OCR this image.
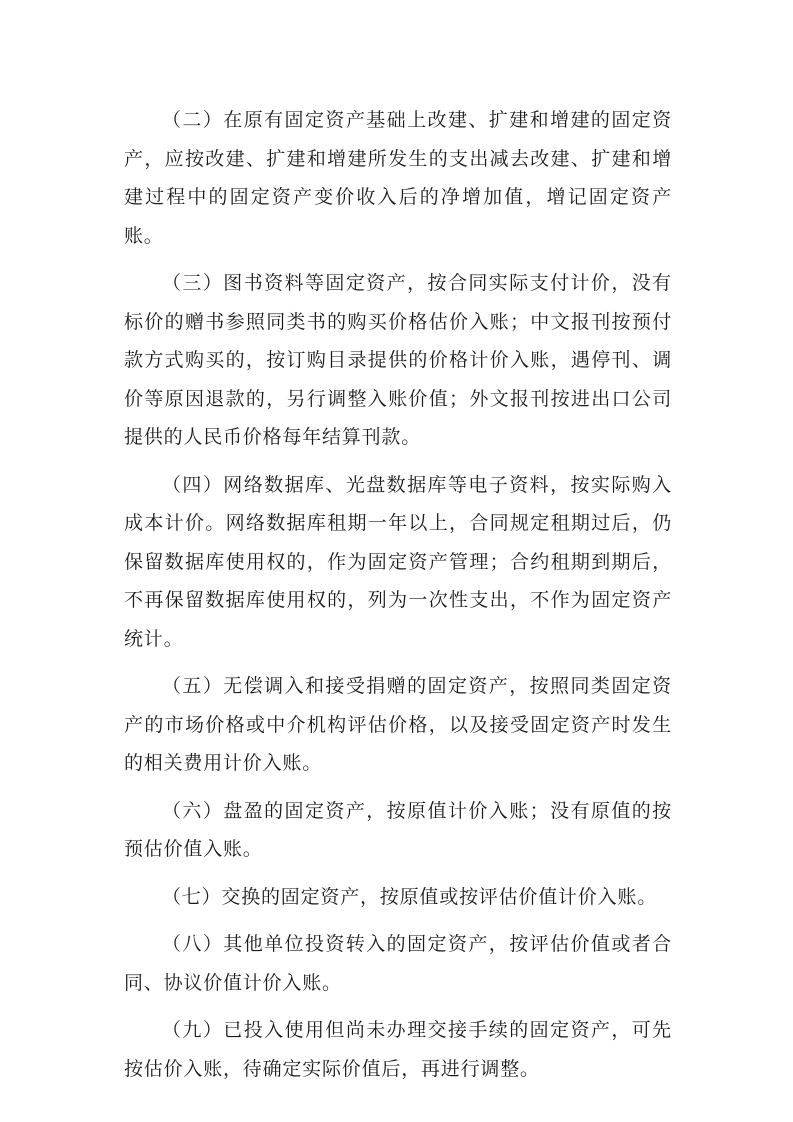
（二）在原有固定资产基础上改建、扩建和增建的固定资产，应按改建、扩建和增建所发生的支出减去改建、扩建和增建过程中的固定资产变价收入后的净增加值，增记固定资产账。

（三）图书资料等固定资产，按合同实际支付计价，没有标价的赠书参照同类书的购买价格估价入账；中文报刊按预付款方式购买的，按订购目录提供的价格计价入账，遇停刊、调价等原因退款的，另行调整入账价值；外文报刊按进出口公司提供的人民币价格每年结算刊款。

（四）网络数据库、光盘数据库等电子资料，按实际购入成本计价。网络数据库租期一年以上，合同规定租期过后，仍保留数据库使用权的，作为固定资产管理；合约租期到期后，不再保留数据库使用权的，列为一次性支出，不作为固定资产统计。

（五）无偿调入和接受捐赠的固定资产，按照同类固定资产的市场价格或中介机构评估价格，以及接受固定资产时发生的相关费用计价入账。

（六）盘盈的固定资产，按原值计价入账；没有原值的按预估价值入账。

（七）交换的固定资产，按原值或按评估价值计价入账。

（八）其他单位投资转入的固定资产，按评估价值或者合同、协议价值计价入账。

（九）已投入使用但尚未办理交接手续的固定资产，可先按估价入账，待确定实际价值后，再进行调整。
